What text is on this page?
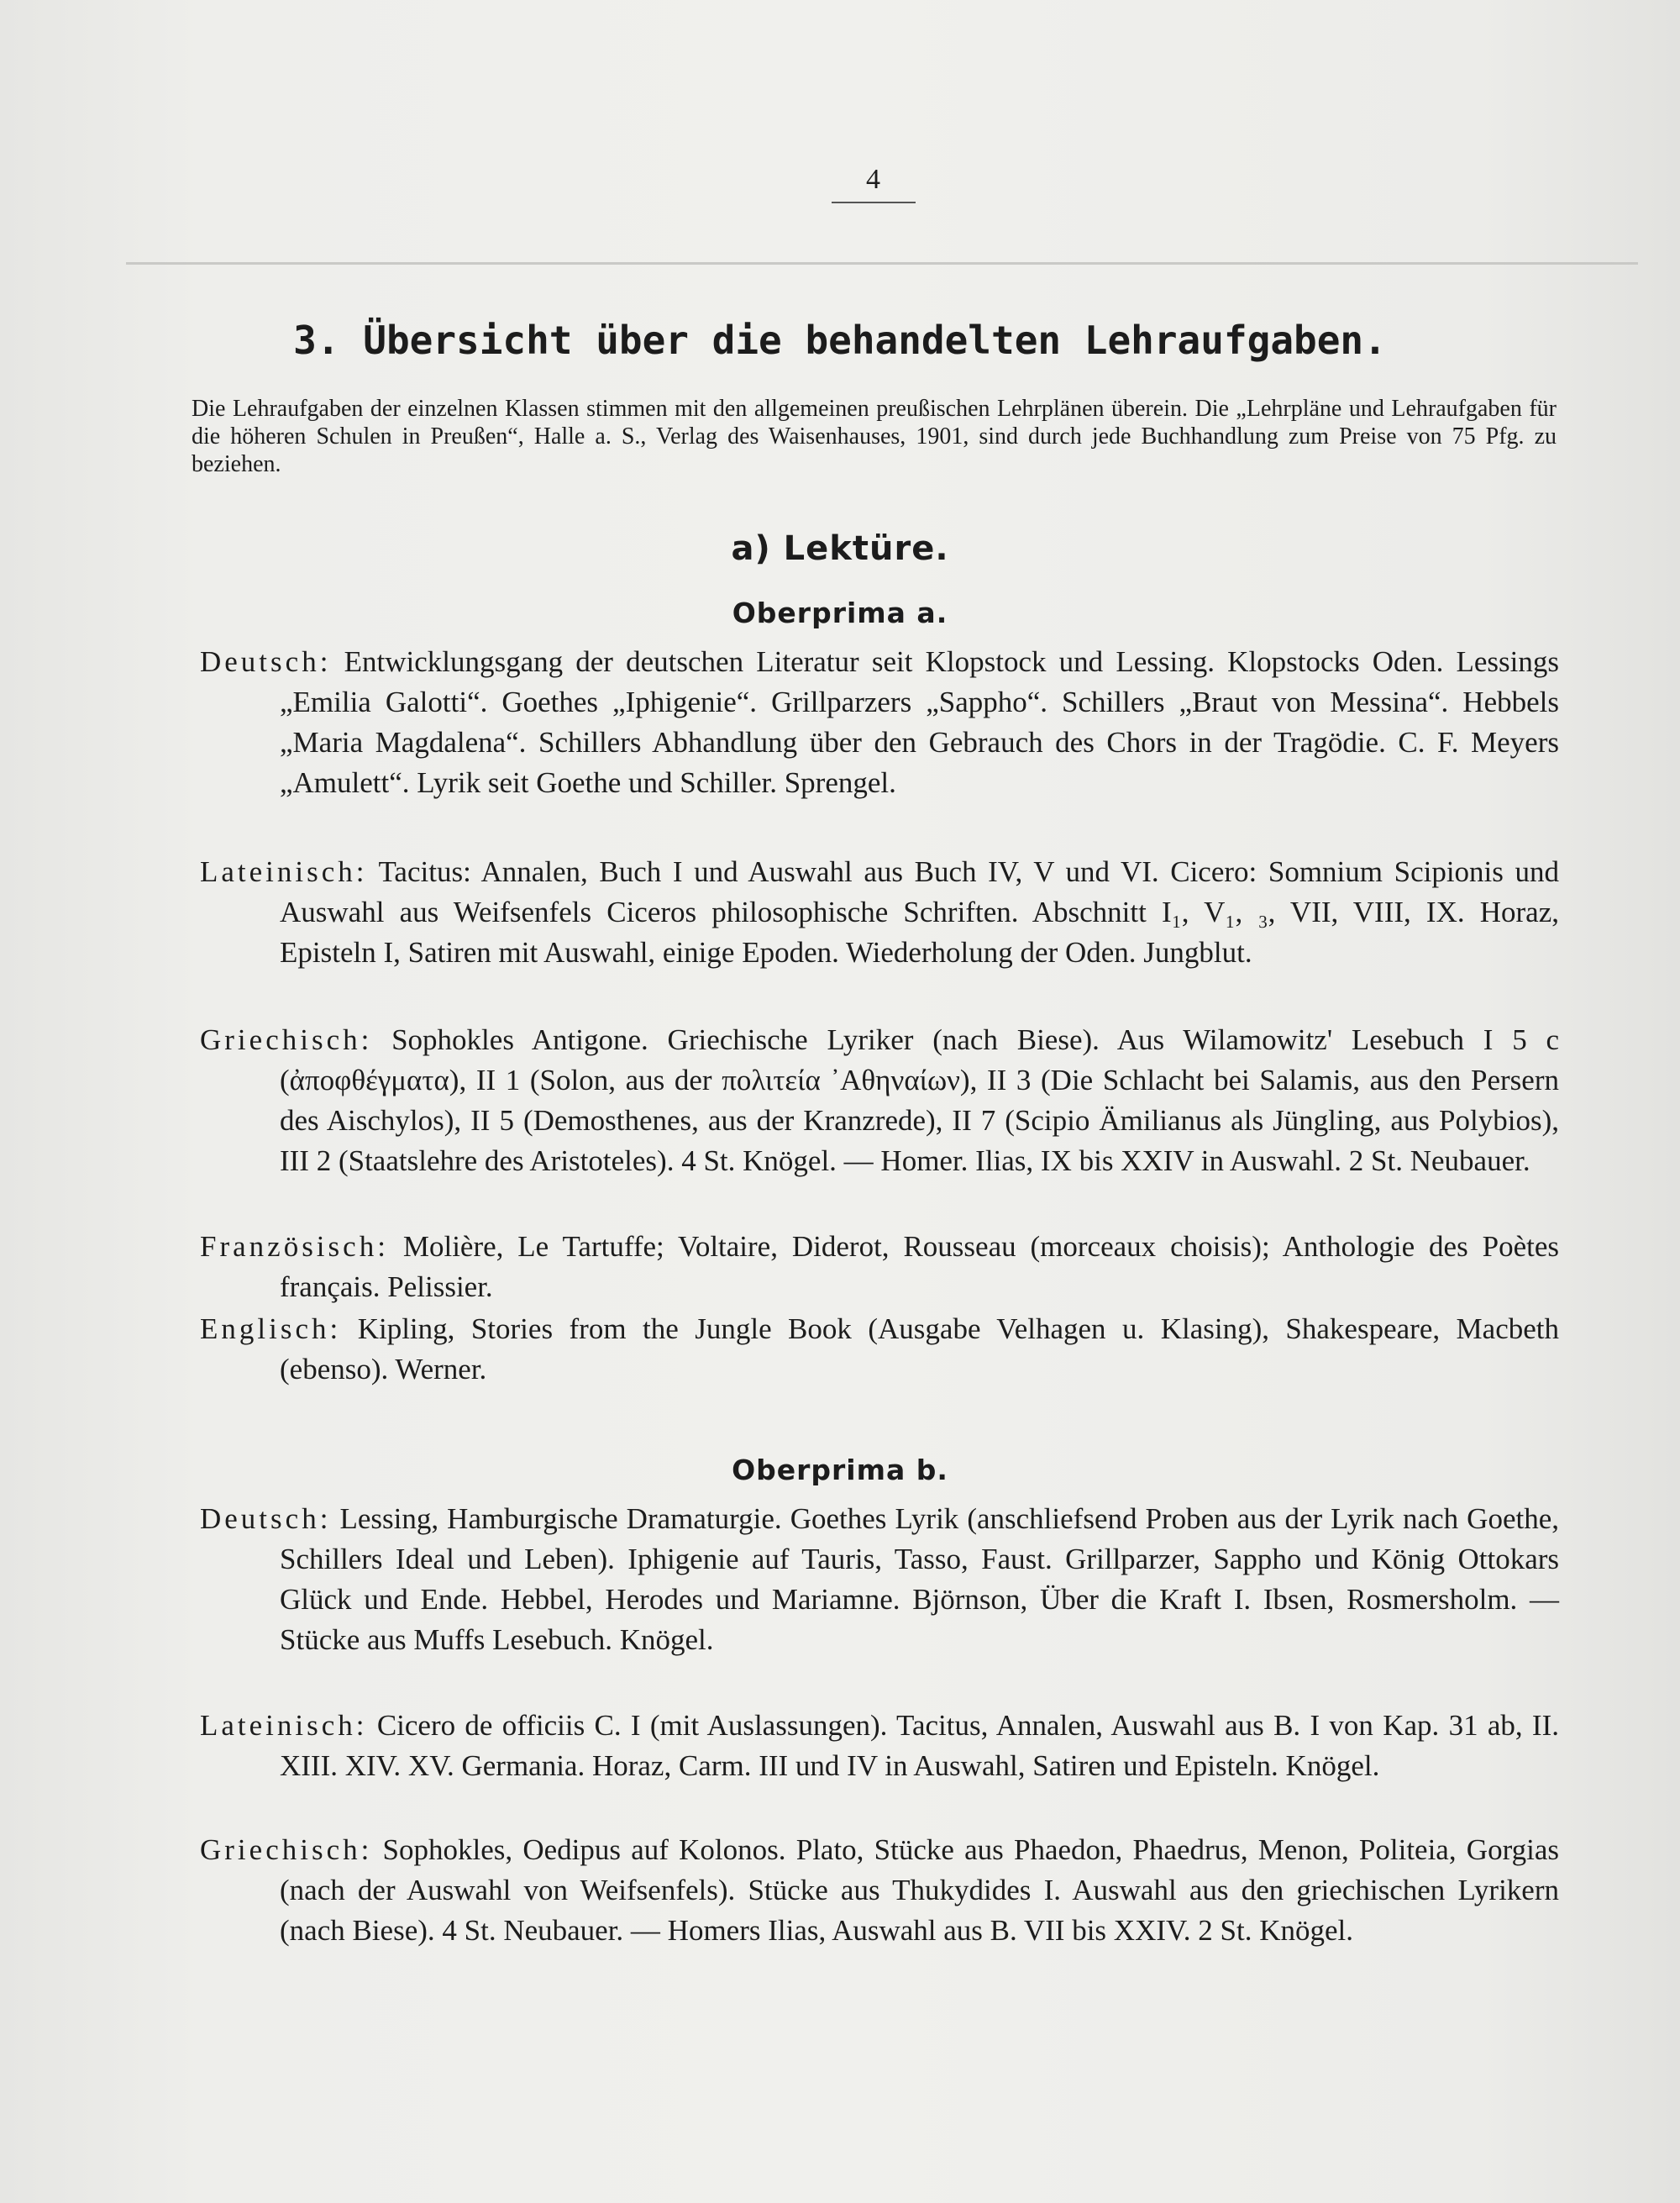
4
3. Übersicht über die behandelten Lehraufgaben.
Die Lehraufgaben der einzelnen Klassen stimmen mit den allgemeinen preußischen Lehrplänen überein. Die „Lehrpläne und Lehraufgaben für die höheren Schulen in Preußen“, Halle a. S., Verlag des Waisenhauses, 1901, sind durch jede Buchhandlung zum Preise von 75 Pfg. zu beziehen.
a) Lektüre.
Oberprima a.
Deutsch: Entwicklungsgang der deutschen Literatur seit Klopstock und Lessing. Klopstocks Oden. Lessings „Emilia Galotti“. Goethes „Iphigenie“. Grillparzers „Sappho“. Schillers „Braut von Messina“. Hebbels „Maria Magdalena“. Schillers Abhandlung über den Gebrauch des Chors in der Tragödie. C. F. Meyers „Amulett“. Lyrik seit Goethe und Schiller. Sprengel.
Lateinisch: Tacitus: Annalen, Buch I und Auswahl aus Buch IV, V und VI. Cicero: Somnium Scipionis und Auswahl aus Weifsenfels Ciceros philosophische Schriften. Abschnitt I₁, V₁, ₃, VII, VIII, IX. Horaz, Episteln I, Satiren mit Auswahl, einige Epoden. Wiederholung der Oden. Jungblut.
Griechisch: Sophokles Antigone. Griechische Lyriker (nach Biese). Aus Wilamowitz' Lesebuch I 5 c (ἀποφθέγματα), II 1 (Solon, aus der πολιτεία ᾿Αθηναίων), II 3 (Die Schlacht bei Salamis, aus den Persern des Aischylos), II 5 (Demosthenes, aus der Kranzrede), II 7 (Scipio Ämilianus als Jüngling, aus Polybios), III 2 (Staatslehre des Aristoteles). 4 St. Knögel. — Homer. Ilias, IX bis XXIV in Auswahl. 2 St. Neubauer.
Französisch: Molière, Le Tartuffe; Voltaire, Diderot, Rousseau (morceaux choisis); Anthologie des Poètes français. Pelissier.
Englisch: Kipling, Stories from the Jungle Book (Ausgabe Velhagen u. Klasing), Shakespeare, Macbeth (ebenso). Werner.
Oberprima b.
Deutsch: Lessing, Hamburgische Dramaturgie. Goethes Lyrik (anschliefsend Proben aus der Lyrik nach Goethe, Schillers Ideal und Leben). Iphigenie auf Tauris, Tasso, Faust. Grillparzer, Sappho und König Ottokars Glück und Ende. Hebbel, Herodes und Mariamne. Björnson, Über die Kraft I. Ibsen, Rosmersholm. — Stücke aus Muffs Lesebuch. Knögel.
Lateinisch: Cicero de officiis C. I (mit Auslassungen). Tacitus, Annalen, Auswahl aus B. I von Kap. 31 ab, II. XIII. XIV. XV. Germania. Horaz, Carm. III und IV in Auswahl, Satiren und Episteln. Knögel.
Griechisch: Sophokles, Oedipus auf Kolonos. Plato, Stücke aus Phaedon, Phaedrus, Menon, Politeia, Gorgias (nach der Auswahl von Weifsenfels). Stücke aus Thukydides I. Auswahl aus den griechischen Lyrikern (nach Biese). 4 St. Neubauer. — Homers Ilias, Auswahl aus B. VII bis XXIV. 2 St. Knögel.
